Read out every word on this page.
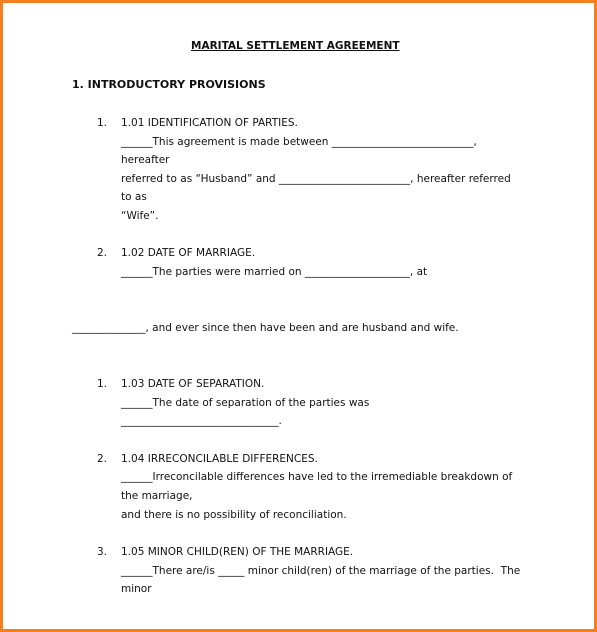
MARITAL SETTLEMENT AGREEMENT
1. INTRODUCTORY PROVISIONS
1. 1.01 IDENTIFICATION OF PARTIES.
______This agreement is made between ___________________________,
hereafter
referred to as “Husband” and _________________________, hereafter referred
to as
“Wife”.
2. 1.02 DATE OF MARRIAGE.
______The parties were married on ____________________, at
______________, and ever since then have been and are husband and wife.
1. 1.03 DATE OF SEPARATION.
______The date of separation of the parties was
______________________________.
2. 1.04 IRRECONCILABLE DIFFERENCES.
______Irreconcilable differences have led to the irremediable breakdown of
the marriage,
and there is no possibility of reconciliation.
3. 1.05 MINOR CHILD(REN) OF THE MARRIAGE.
______There are/is _____ minor child(ren) of the marriage of the parties.  The
minor
